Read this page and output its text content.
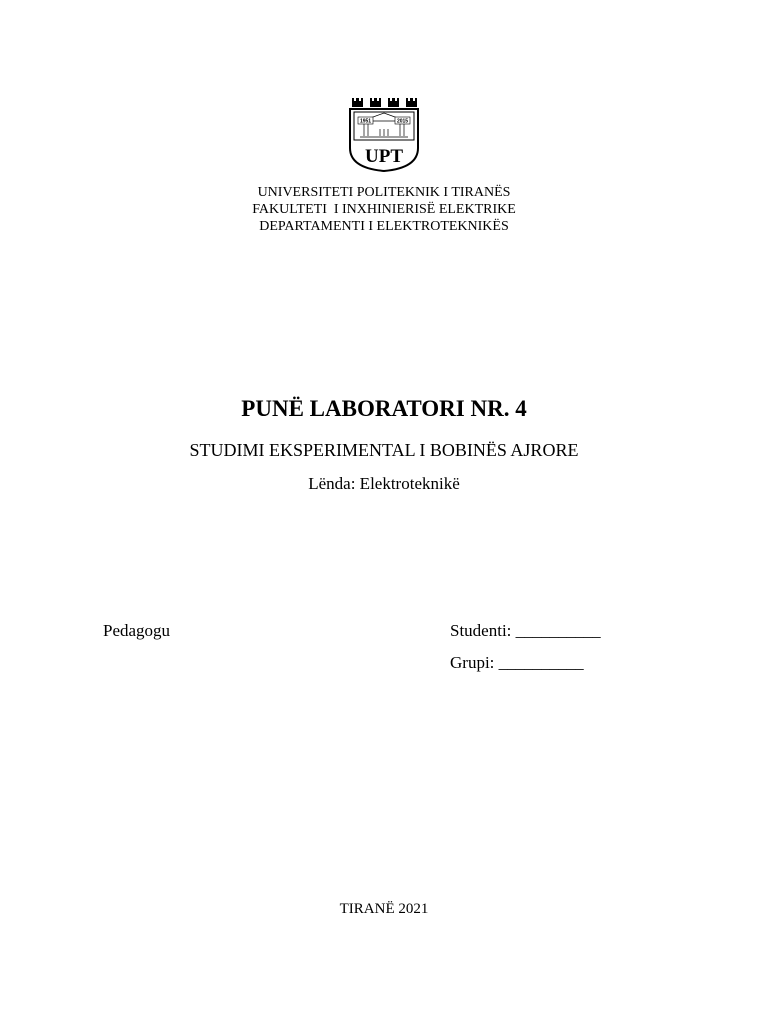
1951	2015
UPT
UNIVERSITETI POLITEKNIK I TIRANËS
FAKULTETI  I INXHINIERISË ELEKTRIKE
DEPARTAMENTI I ELEKTROTEKNIKËS
PUNË LABORATORI NR. 4
STUDIMI EKSPERIMENTAL I BOBINËS AJRORE
Lënda: Elektroteknikë
Pedagogu	Studenti: __________
Grupi: __________
TIRANË 2021
